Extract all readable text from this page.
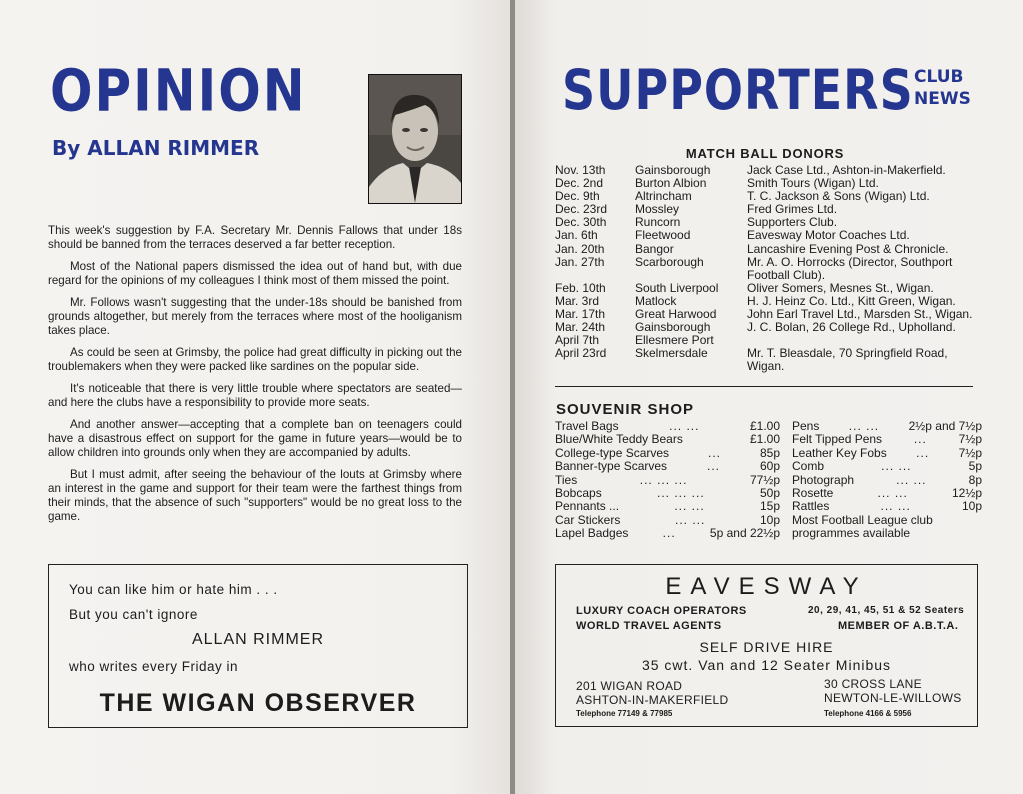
OPINION
By ALLAN RIMMER

This week's suggestion by F.A. Secretary Mr. Dennis Fallows that under 18s should be banned from the terraces deserved a far better reception.

Most of the National papers dismissed the idea out of hand but, with due regard for the opinions of my colleagues I think most of them missed the point.

Mr. Follows wasn't suggesting that the under-18s should be banished from grounds altogether, but merely from the terraces where most of the hooliganism takes place.

As could be seen at Grimsby, the police had great difficulty in picking out the troublemakers when they were packed like sardines on the popular side.

It's noticeable that there is very little trouble where spectators are seated—and here the clubs have a responsibility to provide more seats.

And another answer—accepting that a complete ban on teenagers could have a disastrous effect on support for the game in future years—would be to allow children into grounds only when they are accompanied by adults.

But I must admit, after seeing the behaviour of the louts at Grimsby where an interest in the game and support for their team were the farthest things from their minds, that the absence of such "supporters" would be no great loss to the game.

You can like him or hate him . . .
But you can't ignore
ALLAN RIMMER
who writes every Friday in
THE WIGAN OBSERVER
SUPPORTERS CLUB
NEWS
MATCH BALL DONORS
Nov. 13th	Gainsborough	Jack Case Ltd., Ashton-in-Makerfield.
Dec. 2nd	Burton Albion	Smith Tours (Wigan) Ltd.
Dec. 9th	Altrincham	T. C. Jackson & Sons (Wigan) Ltd.
Dec. 23rd	Mossley	Fred Grimes Ltd.
Dec. 30th	Runcorn	Supporters Club.
Jan. 6th	Fleetwood	Eavesway Motor Coaches Ltd.
Jan. 20th	Bangor	Lancashire Evening Post & Chronicle.
Jan. 27th	Scarborough	Mr. A. O. Horrocks (Director, Southport
Football Club).
Feb. 10th	South Liverpool	Oliver Somers, Mesnes St., Wigan.
Mar. 3rd	Matlock	H. J. Heinz Co. Ltd., Kitt Green, Wigan.
Mar. 17th	Great Harwood	John Earl Travel Ltd., Marsden St., Wigan.
Mar. 24th	Gainsborough	J. C. Bolan, 26 College Rd., Upholland.
April 7th	Ellesmere Port
April 23rd	Skelmersdale	Mr. T. Bleasdale, 70 Springfield Road,
Wigan.
SOUVENIR SHOP
Travel Bags	... ...	£1.00
Blue/White Teddy Bears	£1.00
College-type Scarves	...	85p
Banner-type Scarves	...	60p
Ties	... ... ...	77½p
Bobcaps	... ... ...	50p
Pennants ...	... ...	15p
Car Stickers	... ...	10p
Lapel Badges	...	5p and 22½p
Pens	... ...	2½p and 7½p
Felt Tipped Pens	...	7½p
Leather Key Fobs	...	7½p
Comb	... ...	5p
Photograph	... ...	8p
Rosette	... ...	12½p
Rattles	... ...	10p
Most Football League club
programmes available
EAVESWAY
LUXURY COACH OPERATORS
WORLD TRAVEL AGENTS
20, 29, 41, 45, 51 & 52 Seaters
MEMBER OF A.B.T.A.
SELF DRIVE HIRE
35 cwt. Van and 12 Seater Minibus
201 WIGAN ROAD
ASHTON-IN-MAKERFIELD
Telephone 77149 & 77985
30 CROSS LANE
NEWTON-LE-WILLOWS
Telephone 4166 & 5956
